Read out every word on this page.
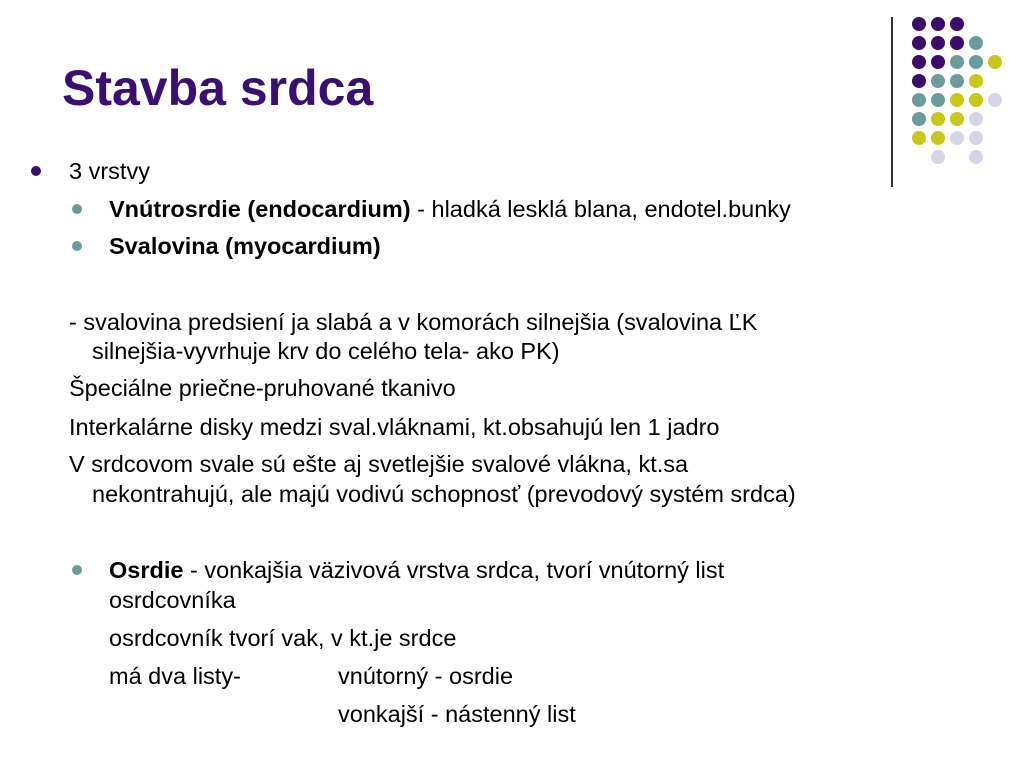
Stavba srdca
3 vrstvy
Vnútrosrdie (endocardium) - hladká lesklá blana, endotel.bunky
Svalovina (myocardium)
- svalovina predsiení ja slabá a v komorách silnejšia (svalovina ĽK
silnejšia-vyvrhuje krv do celého tela- ako PK)
Špeciálne priečne-pruhované tkanivo
Interkalárne disky medzi sval.vláknami, kt.obsahujú len 1 jadro
V srdcovom svale sú ešte aj svetlejšie svalové vlákna, kt.sa
nekontrahujú, ale majú vodivú schopnosť (prevodový systém srdca)
Osrdie - vonkajšia väzivová vrstva srdca, tvorí vnútorný list
osrdcovníka
osrdcovník tvorí vak, v kt.je srdce
má dva listy-	vnútorný - osrdie
vonkajší - nástenný list
